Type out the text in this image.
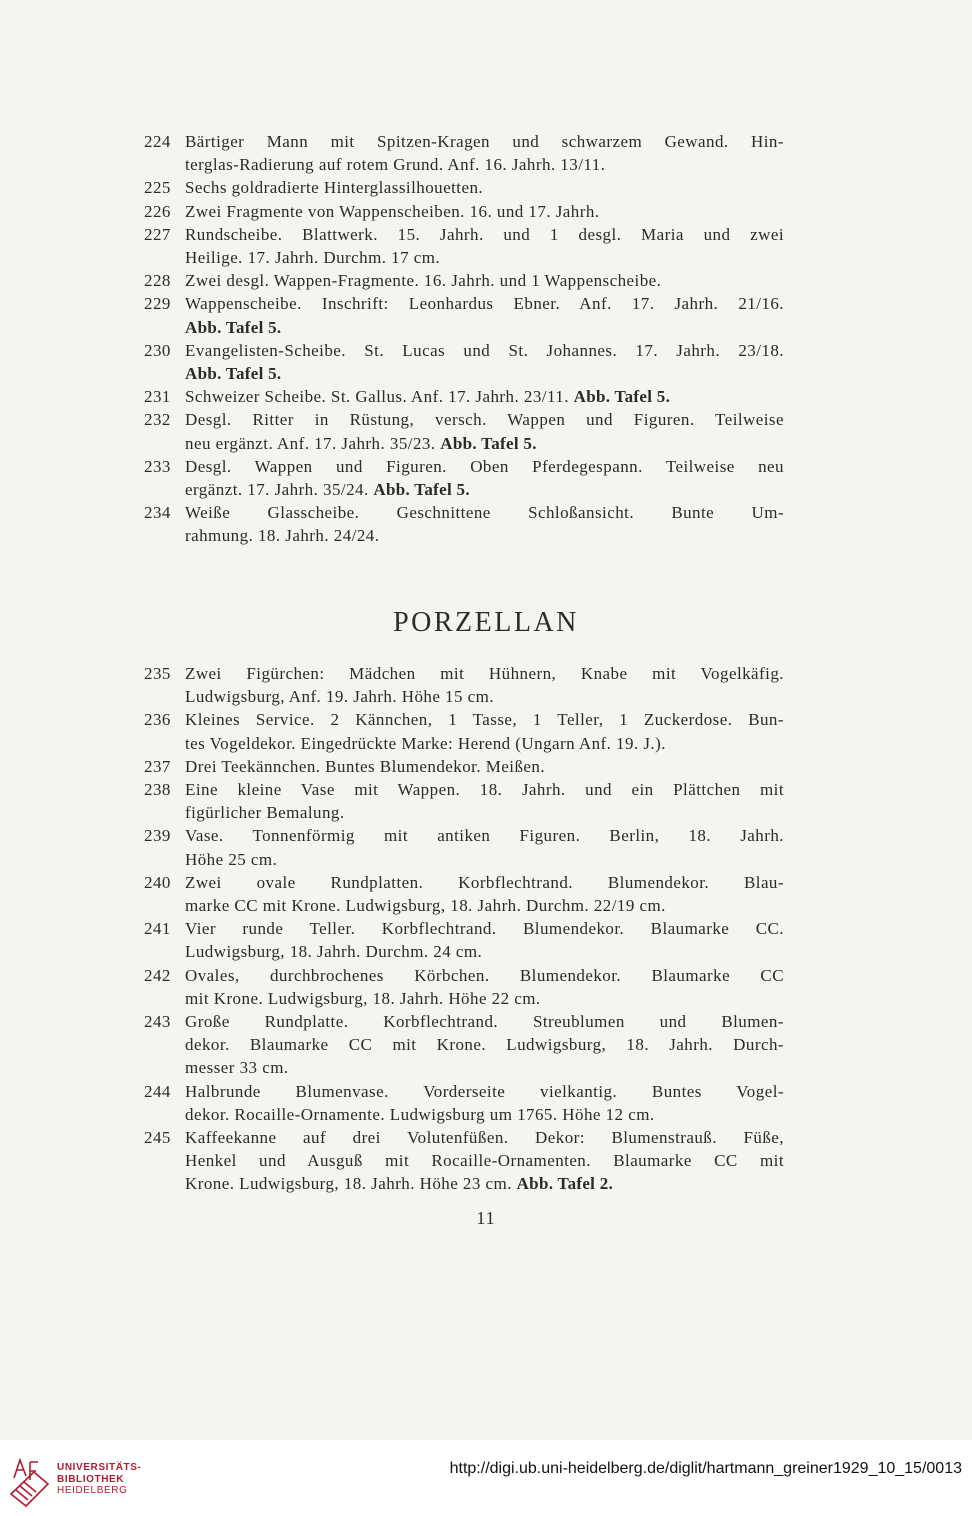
224 Bärtiger Mann mit Spitzen-Kragen und schwarzem Gewand. Hin-
terglas-Radierung auf rotem Grund. Anf. 16. Jahrh. 13/11.
225 Sechs goldradierte Hinterglassilhouetten.
226 Zwei Fragmente von Wappenscheiben. 16. und 17. Jahrh.
227 Rundscheibe. Blattwerk. 15. Jahrh. und 1 desgl. Maria und zwei
Heilige. 17. Jahrh. Durchm. 17 cm.
228 Zwei desgl. Wappen-Fragmente. 16. Jahrh. und 1 Wappenscheibe.
229 Wappenscheibe. Inschrift: Leonhardus Ebner. Anf. 17. Jahrh. 21/16.
Abb. Tafel 5.
230 Evangelisten-Scheibe. St. Lucas und St. Johannes. 17. Jahrh. 23/18.
Abb. Tafel 5.
231 Schweizer Scheibe. St. Gallus. Anf. 17. Jahrh. 23/11. Abb. Tafel 5.
232 Desgl. Ritter in Rüstung, versch. Wappen und Figuren. Teilweise
neu ergänzt. Anf. 17. Jahrh. 35/23. Abb. Tafel 5.
233 Desgl. Wappen und Figuren. Oben Pferdegespann. Teilweise neu
ergänzt. 17. Jahrh. 35/24. Abb. Tafel 5.
234 Weiße Glasscheibe. Geschnittene Schloßansicht. Bunte Um-
rahmung. 18. Jahrh. 24/24.
PORZELLAN
235 Zwei Figürchen: Mädchen mit Hühnern, Knabe mit Vogelkäfig.
Ludwigsburg, Anf. 19. Jahrh. Höhe 15 cm.
236 Kleines Service. 2 Kännchen, 1 Tasse, 1 Teller, 1 Zuckerdose. Bun-
tes Vogeldekor. Eingedrückte Marke: Herend (Ungarn Anf. 19. J.).
237 Drei Teekännchen. Buntes Blumendekor. Meißen.
238 Eine kleine Vase mit Wappen. 18. Jahrh. und ein Plättchen mit
figürlicher Bemalung.
239 Vase. Tonnenförmig mit antiken Figuren. Berlin, 18. Jahrh.
Höhe 25 cm.
240 Zwei ovale Rundplatten. Korbflechtrand. Blumendekor. Blau-
marke CC mit Krone. Ludwigsburg, 18. Jahrh. Durchm. 22/19 cm.
241 Vier runde Teller. Korbflechtrand. Blumendekor. Blaumarke CC.
Ludwigsburg, 18. Jahrh. Durchm. 24 cm.
242 Ovales, durchbrochenes Körbchen. Blumendekor. Blaumarke CC
mit Krone. Ludwigsburg, 18. Jahrh. Höhe 22 cm.
243 Große Rundplatte. Korbflechtrand. Streublumen und Blumen-
dekor. Blaumarke CC mit Krone. Ludwigsburg, 18. Jahrh. Durch-
messer 33 cm.
244 Halbrunde Blumenvase. Vorderseite vielkantig. Buntes Vogel-
dekor. Rocaille-Ornamente. Ludwigsburg um 1765. Höhe 12 cm.
245 Kaffeekanne auf drei Volutenfüßen. Dekor: Blumenstrauß. Füße,
Henkel und Ausguß mit Rocaille-Ornamenten. Blaumarke CC mit
Krone. Ludwigsburg, 18. Jahrh. Höhe 23 cm. Abb. Tafel 2.
11
UNIVERSITÄTS-
BIBLIOTHEK
HEIDELBERG
http://digi.ub.uni-heidelberg.de/diglit/hartmann_greiner1929_10_15/0013
